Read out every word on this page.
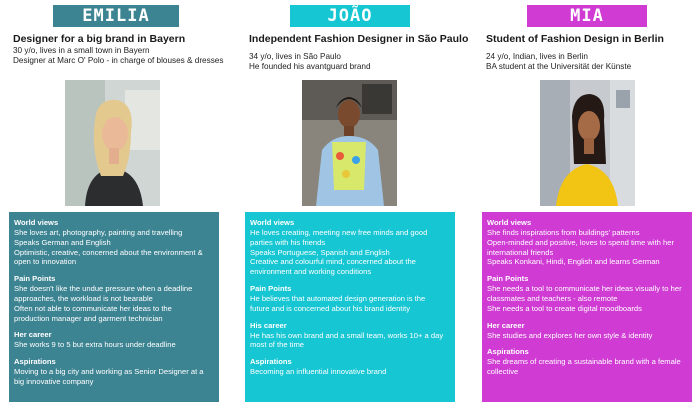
EMILIA
Designer for a big brand in Bayern
30 y/o, lives in a small town in Bayern
Designer at Marc O' Polo - in charge of blouses & dresses
World views
She loves art, photography, painting and travelling
Speaks German and English
Optimistic, creative, concerned about the environment &
open to innovation
Pain Points
She doesn't like the undue pressure when a deadline
approaches, the workload is not bearable
Often not able to communicate her ideas to the
production manager and garment technician
Her career
She works 9 to 5 but extra hours under deadline
Aspirations
Moving to a big city and working as Senior Designer at a
big innovative company
JOÃO
Independent Fashion Designer in São Paulo
34 y/o, lives in São Paulo
He founded his avantguard brand
World views
He loves creating, meeting new free minds and good
parties with his friends
Speaks Portuguese, Spanish and English
Creative and colourful mind, concerned about the
environment and working conditions
Pain Points
He believes that automated design generation is the
future and is concerned about his brand identity
His career
He has his own brand and a small team, works 10+ a day
most of the time
Aspirations
Becoming an influential innovative brand
MIA
Student of Fashion Design in Berlin
24 y/o, Indian, lives in Berlin
BA student at the Universität der Künste
World views
She finds inspirations from buildings' patterns
Open-minded and positive, loves to spend time with her
international friends
Speaks Konkani, Hindi, English and learns German
Pain Points
She needs a tool to communicate her ideas visually to her
classmates and teachers - also remote
She needs a tool to create digital moodboards
Her career
She studies and explores her own style & identity
Aspirations
She dreams of creating a sustainable brand with a female
collective
